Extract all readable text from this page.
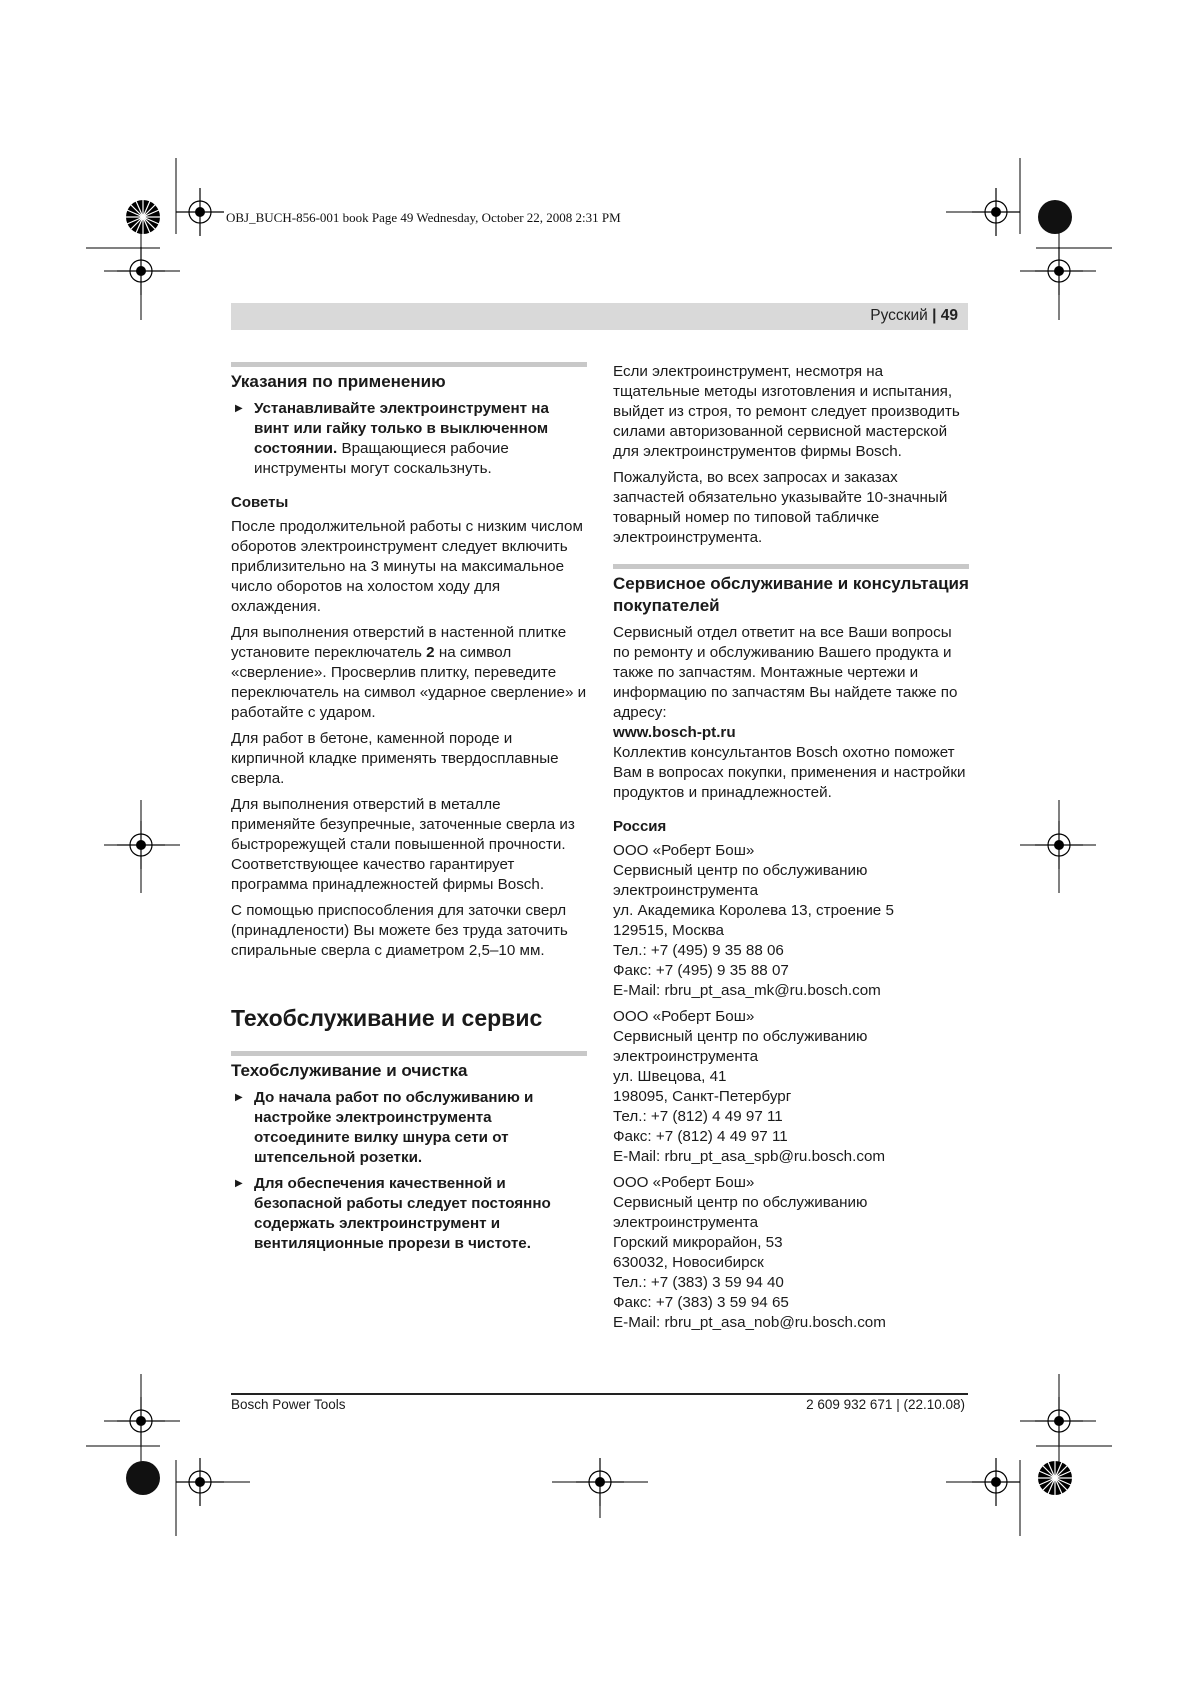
OBJ_BUCH-856-001 book Page 49 Wednesday, October 22, 2008 2:31 PM
Русский | 49
Указания по применению
▶ Устанавливайте электроинструмент на винт или гайку только в выключенном состоянии. Вращающиеся рабочие инструменты могут соскальзнуть.
Советы

После продолжительной работы с низким числом оборотов электроинструмент следует включить приблизительно на 3 минуты на максимальное число оборотов на холостом ходу для охлаждения.

Для выполнения отверстий в настенной плитке установите переключатель 2 на символ «сверление». Просверлив плитку, переведите переключатель на символ «ударное сверление» и работайте с ударом.

Для работ в бетоне, каменной породе и кирпичной кладке применять твердосплавные сверла.

Для выполнения отверстий в металле применяйте безупречные, заточенные сверла из быстрорежущей стали повышенной прочности. Соответствующее качество гарантирует программа принадлежностей фирмы Bosch.

С помощью приспособления для заточки сверл (принадлености) Вы можете без труда заточить спиральные сверла с диаметром 2,5–10 мм.

Техобслуживание и сервис
Техобслуживание и очистка
▶ До начала работ по обслуживанию и настройке электроинструмента отсоедините вилку шнура сети от штепсельной розетки.
▶ Для обеспечения качественной и безопасной работы следует постоянно содержать электроинструмент и вентиляционные прорези в чистоте.

Если электроинструмент, несмотря на тщательные методы изготовления и испытания, выйдет из строя, то ремонт следует производить силами авторизованной сервисной мастерской для электроинструментов фирмы Bosch.

Пожалуйста, во всех запросах и заказах запчастей обязательно указывайте 10-значный товарный номер по типовой табличке электроинструмента.

Сервисное обслуживание и консультация покупателей
Сервисный отдел ответит на все Ваши вопросы по ремонту и обслуживанию Вашего продукта и также по запчастям. Монтажные чертежи и информацию по запчастям Вы найдете также по адресу:
www.bosch-pt.ru
Коллектив консультантов Bosch охотно поможет Вам в вопросах покупки, применения и настройки продуктов и принадлежностей.
Россия
ООО «Роберт Бош»
Сервисный центр по обслуживанию
электроинструмента
ул. Академика Королева 13, строение 5
129515, Москва
Тел.: +7 (495) 9 35 88 06
Факс: +7 (495) 9 35 88 07
E-Mail: rbru_pt_asa_mk@ru.bosch.com
ООО «Роберт Бош»
Сервисный центр по обслуживанию
электроинструмента
ул. Швецова, 41
198095, Санкт-Петербург
Тел.: +7 (812) 4 49 97 11
Факс: +7 (812) 4 49 97 11
E-Mail: rbru_pt_asa_spb@ru.bosch.com
ООО «Роберт Бош»
Сервисный центр по обслуживанию
электроинструмента
Горский микрорайон, 53
630032, Новосибирск
Тел.: +7 (383) 3 59 94 40
Факс: +7 (383) 3 59 94 65
E-Mail: rbru_pt_asa_nob@ru.bosch.com
Bosch Power Tools	2 609 932 671 | (22.10.08)
